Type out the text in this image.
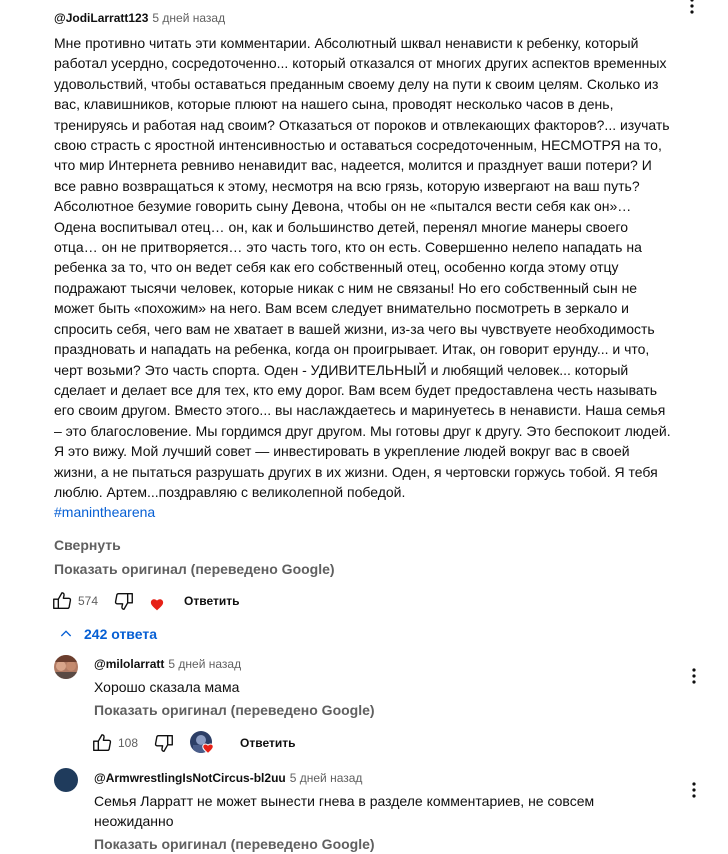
@JodiLarratt123 5 дней назад
Мне противно читать эти комментарии. Абсолютный шквал ненависти к ребенку, который работал усердно, сосредоточенно... который отказался от многих других аспектов временных удовольствий, чтобы оставаться преданным своему делу на пути к своим целям. Сколько из вас, клавишников, которые плюют на нашего сына, проводят несколько часов в день, тренируясь и работая над своим? Отказаться от пороков и отвлекающих факторов?... изучать свою страсть с яростной интенсивностью и оставаться сосредоточенным, НЕСМОТРЯ на то, что мир Интернета ревниво ненавидит вас, надеется, молится и празднует ваши потери? И все равно возвращаться к этому, несмотря на всю грязь, которую извергают на ваш путь? Абсолютное безумие говорить сыну Девона, чтобы он не «пытался вести себя как он»… Одена воспитывал отец… он, как и большинство детей, перенял многие манеры своего отца… он не притворяется… это часть того, кто он есть. Совершенно нелепо нападать на ребенка за то, что он ведет себя как его собственный отец, особенно когда этому отцу подражают тысячи человек, которые никак с ним не связаны! Но его собственный сын не может быть «похожим» на него. Вам всем следует внимательно посмотреть в зеркало и спросить себя, чего вам не хватает в вашей жизни, из-за чего вы чувствуете необходимость праздновать и нападать на ребенка, когда он проигрывает. Итак, он говорит ерунду... и что, черт возьми? Это часть спорта. Оден - УДИВИТЕЛЬНЫЙ и любящий человек... который сделает и делает все для тех, кто ему дорог. Вам всем будет предоставлена честь называть его своим другом. Вместо этого... вы наслаждаетесь и маринуетесь в ненависти. Наша семья – это благословение. Мы гордимся друг другом. Мы готовы друг к другу. Это беспокоит людей. Я это вижу. Мой лучший совет — инвестировать в укрепление людей вокруг вас в своей жизни, а не пытаться разрушать других в их жизни. Оден, я чертовски горжусь тобой. Я тебя люблю. Артем...поздравляю с великолепной победой.
#maninthearena
Свернуть
Показать оригинал (переведено Google)
574	Ответить
242 ответа
@milolarratt 5 дней назад
Хорошо сказала мама
Показать оригинал (переведено Google)
108	Ответить
@ArmwrestlingIsNotCircus-bl2uu 5 дней назад
Семья Ларратт не может вынести гнева в разделе комментариев, не совсем неожиданно
Показать оригинал (переведено Google)
